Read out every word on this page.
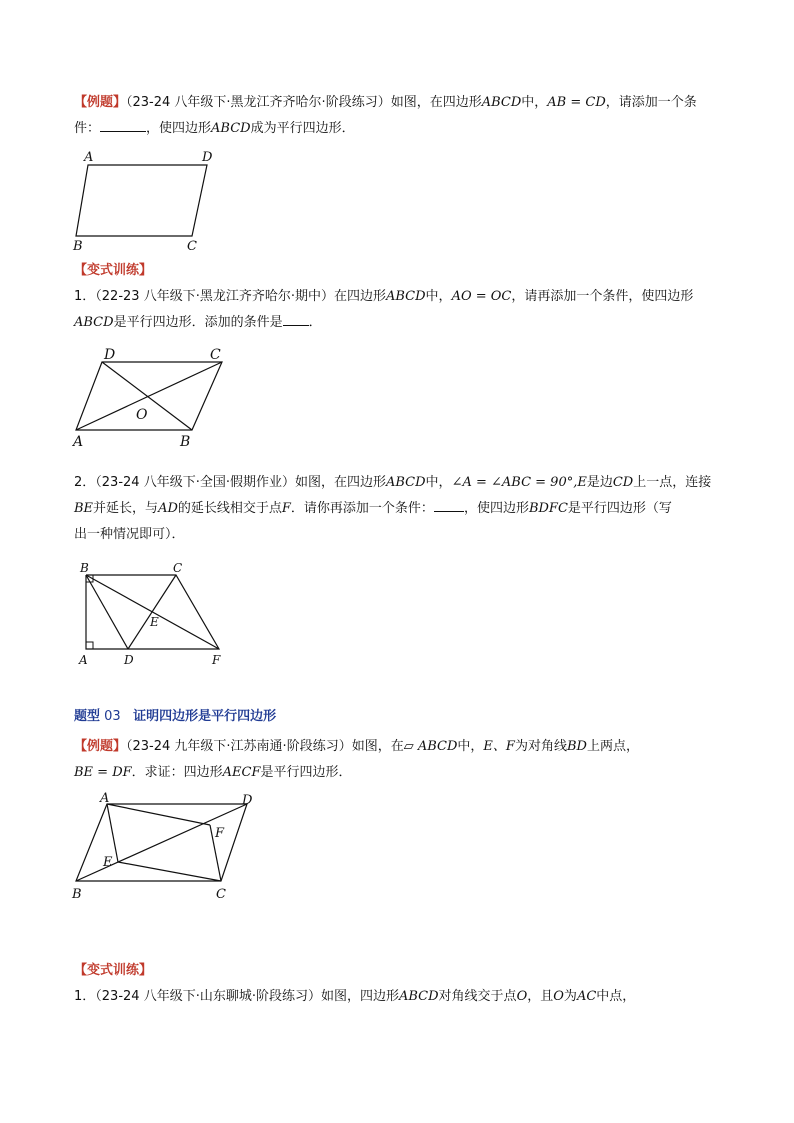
【例题】（23-24 八年级下·黑龙江齐齐哈尔·阶段练习）如图，在四边形ABCD中，AB = CD，请添加一个条
件：	，使四边形ABCD成为平行四边形．
A	D
B	C
【变式训练】
1．（22-23 八年级下·黑龙江齐齐哈尔·期中）在四边形ABCD中，AO = OC，请再添加一个条件，使四边形
ABCD是平行四边形．添加的条件是 ．
D	C
O
A	B
2．（23-24 八年级下·全国·假期作业）如图，在四边形ABCD中，∠A = ∠ABC = 90°,E是边CD上一点，连接
BE并延长，与AD的延长线相交于点F．请你再添加一个条件： ，使四边形BDFC是平行四边形（写
出一种情况即可）．
B	C
E
A	D	F
题型 03 证明四边形是平行四边形
【例题】（23-24 九年级下·江苏南通·阶段练习）如图，在▱ ABCD中，E、F为对角线BD上两点，
BE = DF．求证：四边形AECF是平行四边形．
A	D
F
E
B	C
【变式训练】
1．（23-24 八年级下·山东聊城·阶段练习）如图，四边形ABCD对角线交于点O，且O为AC中点，
